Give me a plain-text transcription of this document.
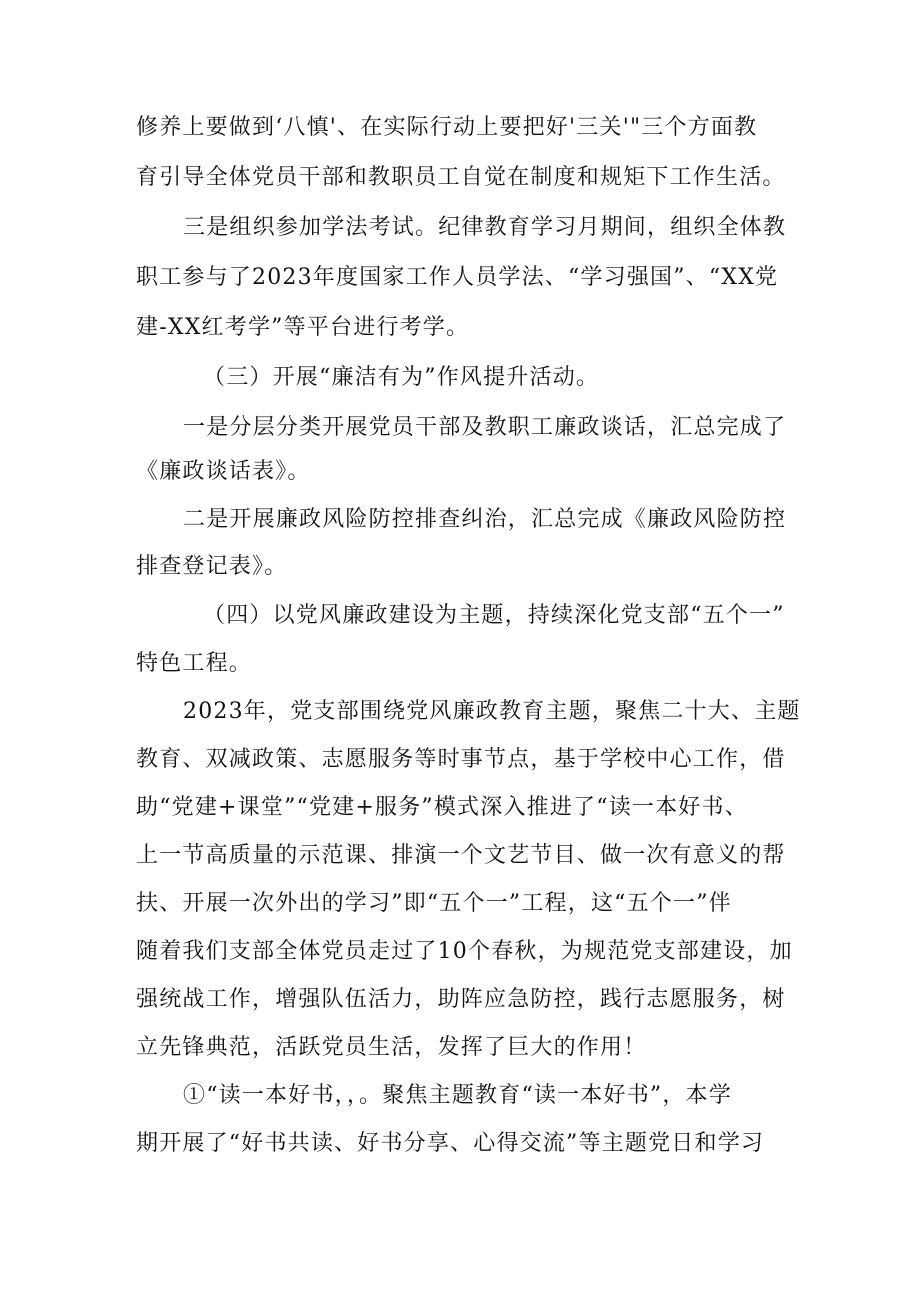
修养上要做到‘八慎'、在实际行动上要把好'三关'"三个方面教
育引导全体党员干部和教职员工自觉在制度和规矩下工作生活。
三是组织参加学法考试。纪律教育学习月期间，组织全体教
职工参与了2023年度国家工作人员学法、“学习强国”、“XX党
建-XX红考学”等平台进行考学。
（三）开展“廉洁有为”作风提升活动。
一是分层分类开展党员干部及教职工廉政谈话，汇总完成了
《廉政谈话表》。
二是开展廉政风险防控排查纠治，汇总完成《廉政风险防控
排查登记表》。
（四）以党风廉政建设为主题，持续深化党支部“五个一”
特色工程。
2023年，党支部围绕党风廉政教育主题，聚焦二十大、主题
教育、双减政策、志愿服务等时事节点，基于学校中心工作，借
助“党建+课堂”“党建+服务”模式深入推进了“读一本好书、
上一节高质量的示范课、排演一个文艺节目、做一次有意义的帮
扶、开展一次外出的学习”即“五个一”工程，这“五个一”伴
随着我们支部全体党员走过了10个春秋，为规范党支部建设，加
强统战工作，增强队伍活力，助阵应急防控，践行志愿服务，树
立先锋典范，活跃党员生活，发挥了巨大的作用！
①“读一本好书，，。聚焦主题教育“读一本好书”，本学
期开展了“好书共读、好书分享、心得交流”等主题党日和学习
